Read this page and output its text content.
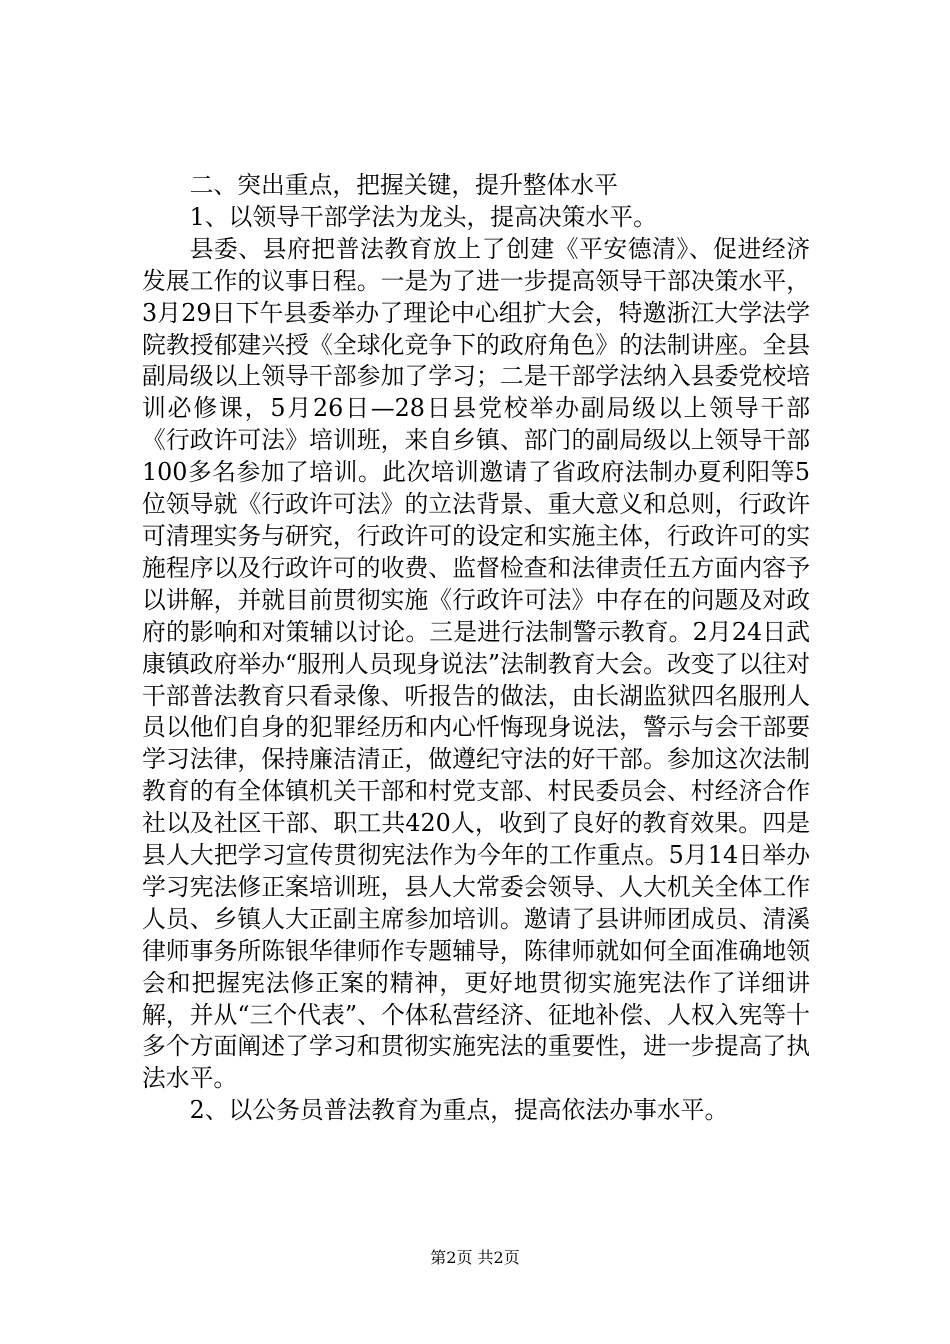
二、突出重点，把握关键，提升整体水平

1、以领导干部学法为龙头，提高决策水平。

县委、县府把普法教育放上了创建《平安德清》、促进经济发展工作的议事日程。一是为了进一步提高领导干部决策水平，3月29日下午县委举办了理论中心组扩大会，特邀浙江大学法学院教授郁建兴授《全球化竞争下的政府角色》的法制讲座。全县副局级以上领导干部参加了学习；二是干部学法纳入县委党校培训必修课，5月26日—28日县党校举办副局级以上领导干部《行政许可法》培训班，来自乡镇、部门的副局级以上领导干部100多名参加了培训。此次培训邀请了省政府法制办夏利阳等5位领导就《行政许可法》的立法背景、重大意义和总则，行政许可清理实务与研究，行政许可的设定和实施主体，行政许可的实施程序以及行政许可的收费、监督检查和法律责任五方面内容予以讲解，并就目前贯彻实施《行政许可法》中存在的问题及对政府的影响和对策辅以讨论。三是进行法制警示教育。2月24日武康镇政府举办“服刑人员现身说法”法制教育大会。改变了以往对干部普法教育只看录像、听报告的做法，由长湖监狱四名服刑人员以他们自身的犯罪经历和内心忏悔现身说法，警示与会干部要学习法律，保持廉洁清正，做遵纪守法的好干部。参加这次法制教育的有全体镇机关干部和村党支部、村民委员会、村经济合作社以及社区干部、职工共420人，收到了良好的教育效果。四是县人大把学习宣传贯彻宪法作为今年的工作重点。5月14日举办学习宪法修正案培训班，县人大常委会领导、人大机关全体工作人员、乡镇人大正副主席参加培训。邀请了县讲师团成员、清溪律师事务所陈银华律师作专题辅导，陈律师就如何全面准确地领会和把握宪法修正案的精神，更好地贯彻实施宪法作了详细讲解，并从“三个代表”、个体私营经济、征地补偿、人权入宪等十多个方面阐述了学习和贯彻实施宪法的重要性，进一步提高了执法水平。

2、以公务员普法教育为重点，提高依法办事水平。

第2页 共2页
